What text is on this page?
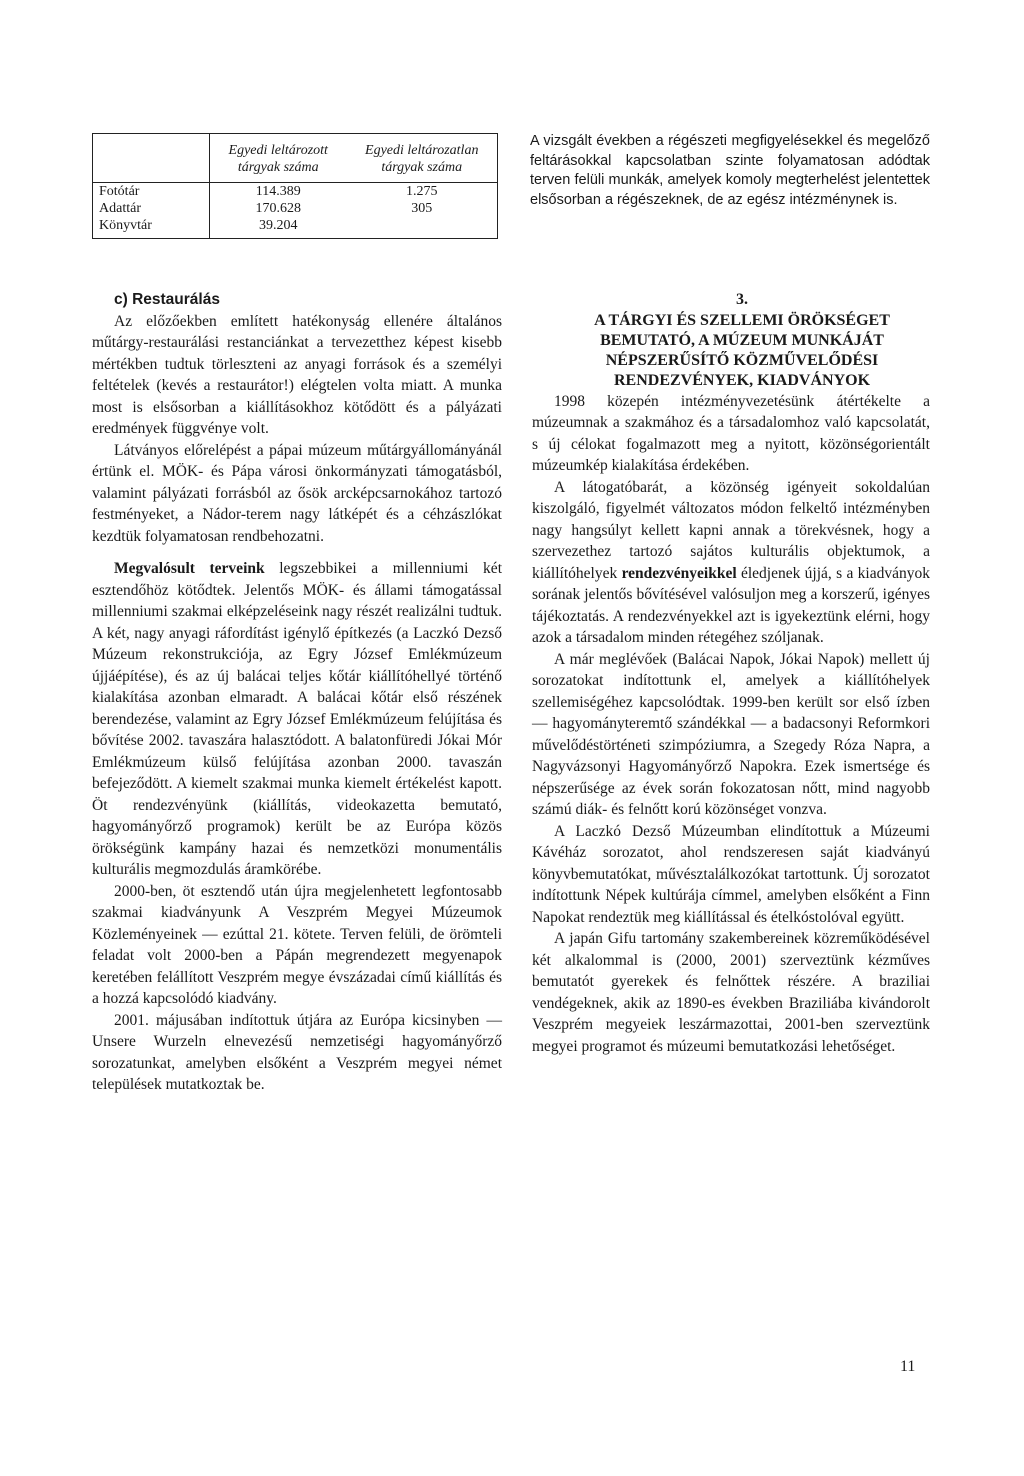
	Egyedi leltározott tárgyak száma	Egyedi leltározatlan tárgyak száma
Fotótár	114.389	1.275
Adattár	170.628	305
Könyvtár	39.204	

A vizsgált években a régészeti megfigyelésekkel és megelőző feltárásokkal kapcsolatban szinte folyamatosan adódtak terven felüli munkák, amelyek komoly megterhelést jelentettek elsősorban a régészeknek, de az egész intézménynek is.

c) Restaurálás

Az előzőekben említett hatékonyság ellenére általános műtárgy-restaurálási restanciánkat a tervezetthez képest kisebb mértékben tudtuk törleszteni az anyagi források és a személyi feltételek (kevés a restaurátor!) elégtelen volta miatt. A munka most is elsősorban a kiállításokhoz kötődött és a pályázati eredmények függvénye volt.

Látványos előrelépést a pápai múzeum műtárgyállományánál értünk el. MÖK- és Pápa városi önkormányzati támogatásból, valamint pályázati forrásból az ősök arcképcsarnokához tartozó festményeket, a Nádor-terem nagy látképét és a céhzászlókat kezdtük folyamatosan rendbehozatni.

Megvalósult terveink legszebbikei a millenniumi két esztendőhöz kötődtek. Jelentős MÖK- és állami támogatással millenniumi szakmai elképzeléseink nagy részét realizálni tudtuk. A két, nagy anyagi ráfordítást igénylő építkezés (a Laczkó Dezső Múzeum rekonstrukciója, az Egry József Emlékmúzeum újjáépítése), és az új balácai teljes kőtár kiállítóhellyé történő kialakítása azonban elmaradt. A balácai kőtár első részének berendezése, valamint az Egry József Emlékmúzeum felújítása és bővítése 2002. tavaszára halasztódott. A balatonfüredi Jókai Mór Emlékmúzeum külső felújítása azonban 2000. tavaszán befejeződött. A kiemelt szakmai munka kiemelt értékelést kapott. Öt rendezvényünk (kiállítás, videokazetta bemutató, hagyományőrző programok) került be az Európa közös örökségünk kampány hazai és nemzetközi monumentális kulturális megmozdulás áramkörébe.

2000-ben, öt esztendő után újra megjelenhetett legfontosabb szakmai kiadványunk A Veszprém Megyei Múzeumok Közleményeinek — ezúttal 21. kötete. Terven felüli, de örömteli feladat volt 2000-ben a Pápán megrendezett megyenapok keretében felállított Veszprém megye évszázadai című kiállítás és a hozzá kapcsolódó kiadvány.

2001. májusában indítottuk útjára az Európa kicsinyben — Unsere Wurzeln elnevezésű nemzetiségi hagyományőrző sorozatunkat, amelyben elsőként a Veszprém megyei német települések mutatkoztak be.

3.

A TÁRGYI ÉS SZELLEMI ÖRÖKSÉGET
BEMUTATÓ, A MÚZEUM MUNKÁJÁT
NÉPSZERŰSÍTŐ KÖZMŰVELŐDÉSI
RENDEZVÉNYEK, KIADVÁNYOK

1998 közepén intézményvezetésünk átértékelte a múzeumnak a szakmához és a társadalomhoz való kapcsolatát, s új célokat fogalmazott meg a nyitott, közönségorientált múzeumkép kialakítása érdekében.

A látogatóbarát, a közönség igényeit sokoldalúan kiszolgáló, figyelmét változatos módon felkeltő intézményben nagy hangsúlyt kellett kapni annak a törekvésnek, hogy a szervezethez tartozó sajátos kulturális objektumok, a kiállítóhelyek rendezvényeikkel éledjenek újjá, s a kiadványok sorának jelentős bővítésével valósuljon meg a korszerű, igényes tájékoztatás. A rendezvényekkel azt is igyekeztünk elérni, hogy azok a társadalom minden rétegéhez szóljanak.

A már meglévőek (Balácai Napok, Jókai Napok) mellett új sorozatokat indítottunk el, amelyek a kiállítóhelyek szellemiségéhez kapcsolódtak. 1999-ben került sor első ízben — hagyományteremtő szándékkal — a badacsonyi Reformkori művelődéstörténeti szimpóziumra, a Szegedy Róza Napra, a Nagyvázsonyi Hagyományőrző Napokra. Ezek ismertsége és népszerűsége az évek során fokozatosan nőtt, mind nagyobb számú diák- és felnőtt korú közönséget vonzva.

A Laczkó Dezső Múzeumban elindítottuk a Múzeumi Kávéház sorozatot, ahol rendszeresen saját kiadványú könyvbemutatókat, művésztalálkozókat tartottunk. Új sorozatot indítottunk Népek kultúrája címmel, amelyben elsőként a Finn Napokat rendeztük meg kiállítással és ételkóstolóval együtt.

A japán Gifu tartomány szakembereinek közreműködésével két alkalommal is (2000, 2001) szerveztünk kézműves bemutatót gyerekek és felnőttek részére. A braziliai vendégeknek, akik az 1890-es években Braziliába kivándorolt Veszprém megyeiek leszármazottai, 2001-ben szerveztünk megyei programot és múzeumi bemutatkozási lehetőséget.

11
